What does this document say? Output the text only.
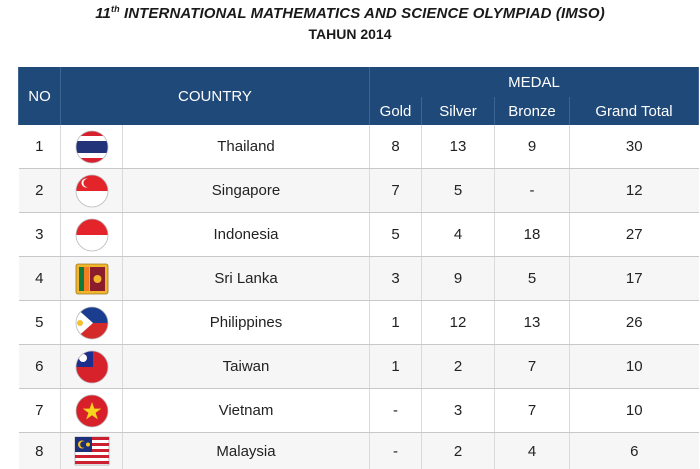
11th INTERNATIONAL MATHEMATICS AND SCIENCE OLYMPIAD (IMSO)
TAHUN 2014
NO	COUNTRY		MEDAL			
			Gold	Silver	Bronze	Grand Total
1		Thailand	8	13	9	30
2		Singapore	7	5	-	12
3		Indonesia	5	4	18	27
4		Sri Lanka	3	9	5	17
5		Philippines	1	12	13	26
6		Taiwan	1	2	7	10
7		Vietnam	-	3	7	10
8		Malaysia	-	2	4	6
